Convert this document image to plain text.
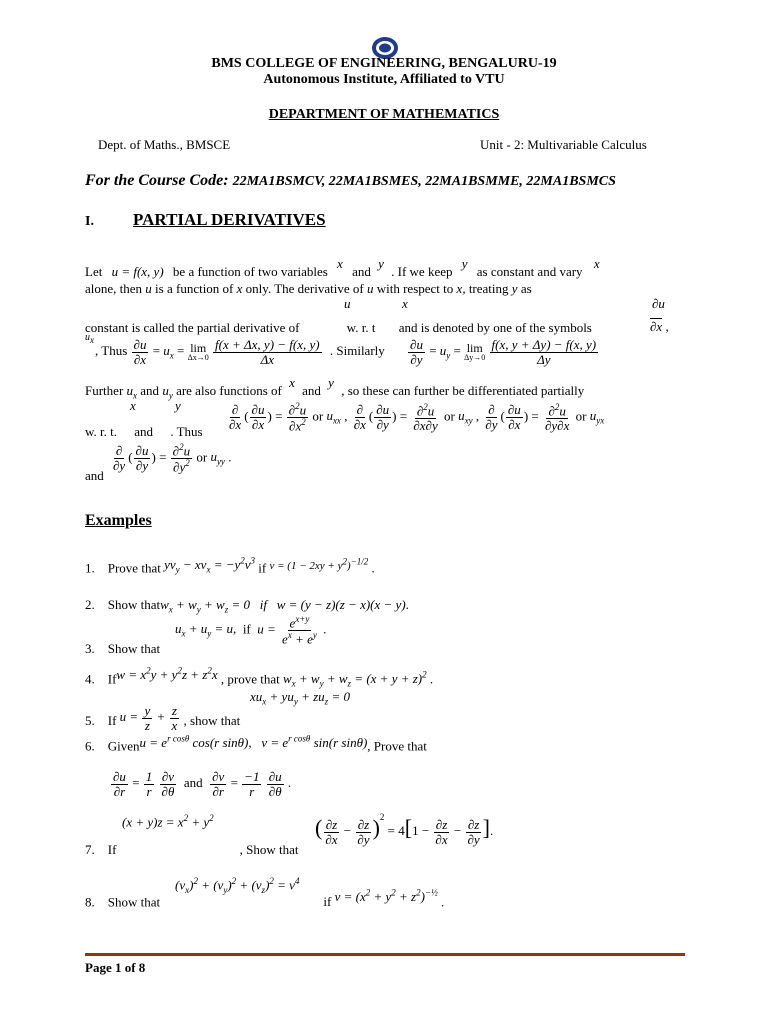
BMS COLLEGE OF ENGINEERING, BENGALURU-19
Autonomous Institute, Affiliated to VTU
DEPARTMENT OF MATHEMATICS
Dept. of Maths., BMSCE	Unit - 2: Multivariable Calculus
For the Course Code: 22MA1BSMCV, 22MA1BSMES, 22MA1BSMME, 22MA1BSMCS
I. PARTIAL DERIVATIVES
Let u = f(x, y) be a function of two variables x and y . If we keep y as constant and vary x
alone, then u is a function of x only. The derivative of u with respect to x, treating y as
u	x	∂u
constant is called the partial derivative of	w. r. t and is denoted by one of the symbols	∂x ,
$u_x$
, Thus $\frac{\partial u}{\partial x} = u_x = \lim$
Δx→0
$\frac{f(x + \Delta x, y) - f(x, y)}{\Delta x}$ . Similarly $\frac{\partial u}{\partial y} = u_y = \lim$
Δy→0
$\frac{f(x, y + \Delta y) - f(x, y)}{\Delta y}$
Further $u_x$ and $u_y$ are also functions of x and y , so these can further be differentiated partially
x	y
w. r. t. and . Thus $\frac{\partial}{\partial x}$ ( $\frac{\partial u}{\partial x}$ ) = $\frac{\partial^2u}{\partial x^2}$ or $u_{xx}$ , $\frac{\partial}{\partial x}$ ( $\frac{\partial u}{\partial y}$ ) = $\frac{\partial^2u}{\partial x\partial y}$ or $u_{xy}$ , $\frac{\partial}{\partial y}$ ( $\frac{\partial u}{\partial x}$ ) = $\frac{\partial^2u}{\partial y\partial x}$ or $u_{yx}$
and
$\frac{\partial}{\partial y}$ ( $\frac{\partial u}{\partial y}$ ) = $\frac{\partial^2u}{\partial y^2}$ or $u_{yy}$ .
Examples
1. Prove that $yv_y - xv_x = -y^2v^3$ if $^{v = (1 - 2xy + y^2)^{-1/2}}$ .
2. Show thatw$_x$ + $w_y + w_z = 0$   if   w = (y − z)(z − x)(x − y).
3. Show that
$u_x + u_y = u$,  if  $u = \frac{e^{x+y}}{e^x + e^y}$ .
4. Ifw = $x^2y + y^2z + z^2x$ , prove that $w_x + w_y + w_z = (x + y + z)^2$ .
5. If $u = \frac{y}{z} + \frac{z}{x}$ , show that
$xu_x + yu_y + zu_z = 0$
6. Givenu = $e^{r cos\theta}$ cos(r sinθ),   $v = e^{r cos\theta}$ sin(r sinθ), Prove that
$\frac{\partial u}{\partial r} = \frac{1}{r}$
$\frac{\partial v}{\partial\theta}$ and $\frac{\partial v}{\partial r} = \frac{-1}{r}$
$\frac{\partial u}{\partial\theta}$ .
$(x + y)z = x^2 + y^2$
7. If	, Show that
( $\frac{\partial z}{\partial x} - \frac{\partial z}{\partial y} )^2 = 4[1 - \frac{\partial z}{\partial x} - \frac{\partial z}{\partial y}$ ].
$(v_x)^2 + (v_y)^2 + (v_z)^2 = v^4$
8. Show that	if $v = (x^2 + y^2 + z^2)^{-\frac{1}{2}}$ .
Page 1 of 8
